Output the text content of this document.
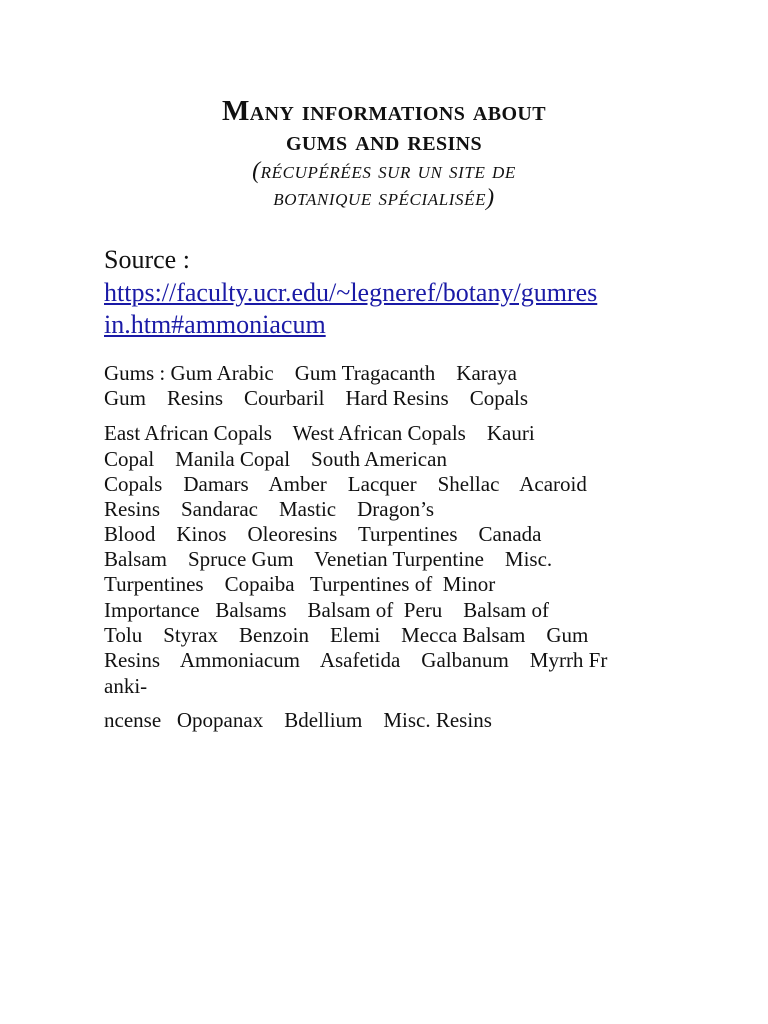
Many informations about
gums and resins
(récupérées sur un site de
botanique spécialisée)
Source :
https://faculty.ucr.edu/~legneref/botany/gumres
in.htm#ammoniacum
Gums : Gum Arabic    Gum Tragacanth    Karaya
Gum    Resins    Courbaril    Hard Resins    Copals
East African Copals    West African Copals    Kauri
Copal    Manila Copal    South American
Copals    Damars    Amber    Lacquer    Shellac    Acaroid
Resins    Sandarac    Mastic    Dragon’s
Blood    Kinos    Oleoresins    Turpentines    Canada
Balsam    Spruce Gum    Venetian Turpentine    Misc.
Turpentines    Copaiba   Turpentines of  Minor
Importance   Balsams    Balsam of  Peru    Balsam of
Tolu    Styrax    Benzoin    Elemi    Mecca Balsam    Gum
Resins    Ammoniacum    Asafetida    Galbanum    Myrrh Fr
anki-
ncense   Opopanax    Bdellium    Misc. Resins
